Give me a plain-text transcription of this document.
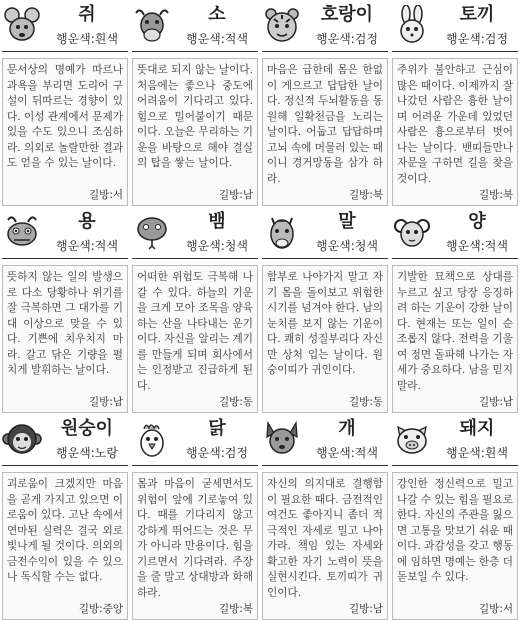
쥐
행운색:흰색
문서상의 명예가 따르나 과욕을 부리면 도리어 구설이 뒤따르는 경향이 있다. 이성 관계에서 문제가 있을 수도 있으니 조심하라. 의외로 놀랄만한 결과도 얻을 수 있는 날이다.
길방:서
소
행운색:적색
뜻대로 되지 않는 날이다. 처음에는 좋으나 중도에 어려움이 기다리고 있다. 힘으로 밀어붙이기 때문이다. 오늘은 무리하는 기운을 바탕으로 해야 결실의 탑을 쌓는 날이다.
길방:남
호랑이
행운색:검정
마음은 급한데 몸은 한없이 게으르고 답답한 날이다. 정신적 두뇌활동을 동원해 일확천금을 노리는 날이다. 어둡고 답답하며 고뇌 속에 머물러 있는 때이니 경거망동을 삼가 하라.
길방:북
토끼
행운색:검정
주위가 불안하고 근심이 많은 때이다. 이제까지 잘 나갔던 사람은 흉한 날이며 어려운 가운데 있었던 사람은 흉으로부터 벗어나는 날이다. 밴띠들만나 자문을 구하면 길을 찾을 것이다.
길방:북
용
행운색:적색
뜻하지 않는 일의 발생으로 다소 당황하나 위기를 잘 극복하면 그 대가를 기대 이상으로 맞을 수 있다. 기쁜에 치우치지 마라. 갈고 닦은 기량을 펼치게 발휘하는 날이다.
길방:남
뱀
행운색:청색
어떠한 위험도 극복해 나갈 수 있다. 하늘의 기운을 크게 모아 조목을 양육하는 산을 나타내는 운기이다. 자신을 알리는 계기를 만들게 되며 회사에서는 인정받고 진급하게 된다.
길방:동
말
행운색:청색
함부로 나아가지 말고 자기 몸을 돌이보고 위험한 시기를 넘겨야 한다. 남의 눈치를 보지 않는 기운이다. 쾌히 성질부리다 자신만 상처 입는 날이다. 원숭이띠가 귀인이다.
길방:동
양
행운색:적색
기발한 묘책으로 상대를 누르고 싶고 당장 응징하려 하는 기운이 강한 날이다. 현재는 또는 일이 순조롭지 않다. 전력을 기울여 정면 돌파해 나가는 자세가 중요하다. 남을 믿지 말라.
길방:남
원숭이
행운색:노랑
괴로움이 크겠지만 마음을 곧게 가지고 있으면 이로움이 있다. 고난 속에서 연마된 실력은 결국 외로 빛나게 될 것이다. 의외의 금전수익이 있을 수 있으나 독식할 수는 없다.
길방:중앙
닭
행운색:검정
몸과 마음이 굳세면서도 위험이 앞에 기로놓여 있다. 때를 기다리지 않고 강하게 뛰어드는 것은 무가 아니라 만용이다. 힘을 기르면서 기다려라. 주장을 줄 말고 상대방과 화해하라.
길방:북
개
행운색:적색
자신의 의지대로 결행함이 필요한 때다. 금전적인 여건도 좋아지니 좀더 적극적인 자세로 밀고 나아가라. 책임 있는 자세와 확고한 자기 노력이 뜻을 실현시킨다. 토끼띠가 귀인이다.
길방:남
돼지
행운색:흰색
강인한 정신력으로 밀고 나갈 수 있는 힘을 필요로 한다. 자신의 주관을 잃으면 고통을 맛보기 쉬운 때이다. 과감성을 갖고 행동에 임하면 명예는 한층 더 돋보일 수 있다.
길방:서
